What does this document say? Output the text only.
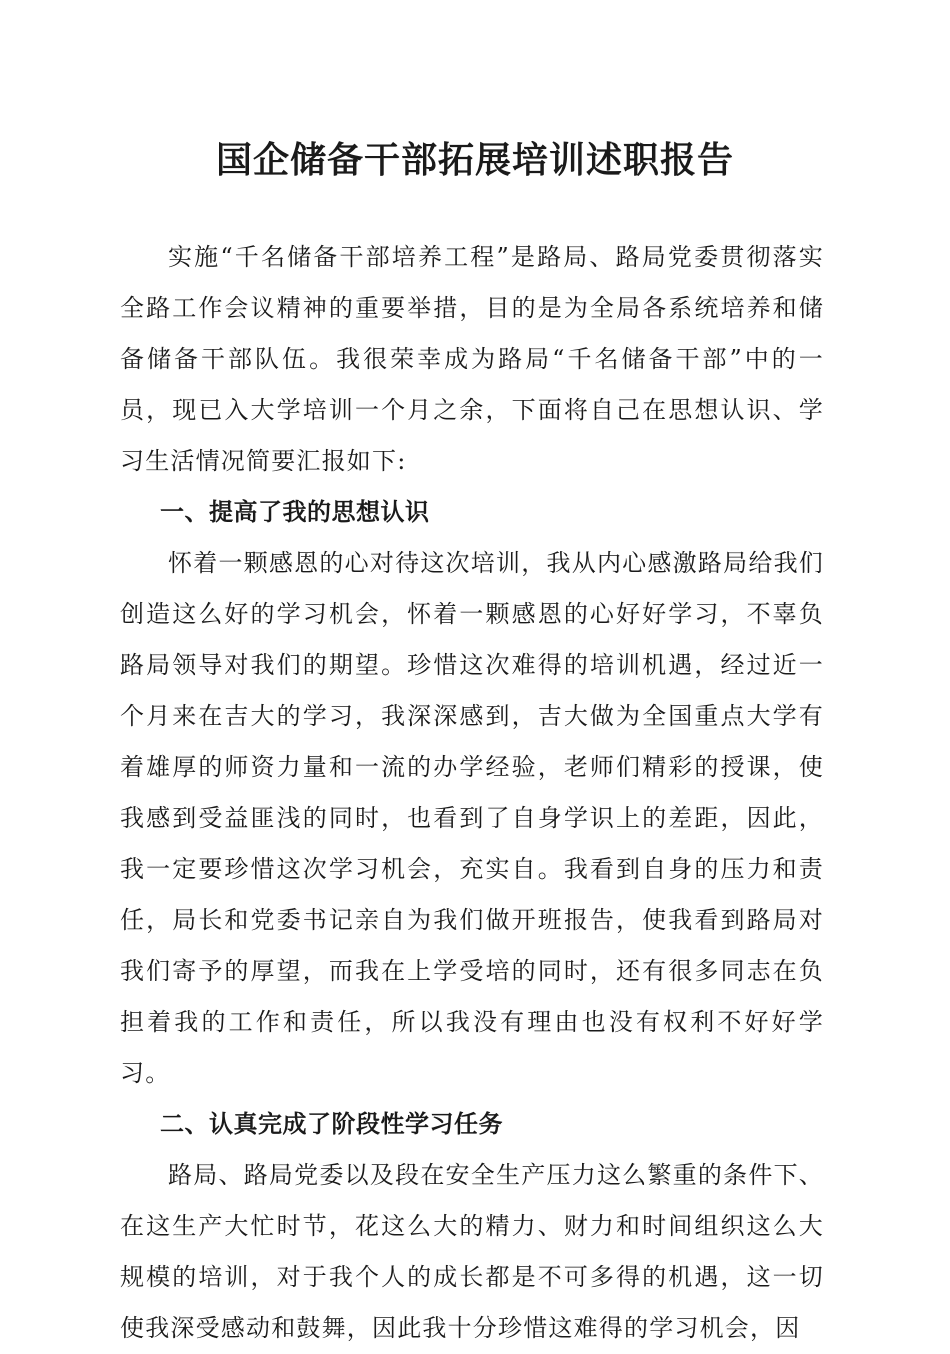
国企储备干部拓展培训述职报告

实施“千名储备干部培养工程”是路局、路局党委贯彻落实全路工作会议精神的重要举措，目的是为全局各系统培养和储备储备干部队伍。我很荣幸成为路局“千名储备干部”中的一员，现已入大学培训一个月之余，下面将自己在思想认识、学习生活情况简要汇报如下:

一、提高了我的思想认识

怀着一颗感恩的心对待这次培训，我从内心感激路局给我们创造这么好的学习机会，怀着一颗感恩的心好好学习，不辜负路局领导对我们的期望。珍惜这次难得的培训机遇，经过近一个月来在吉大的学习，我深深感到，吉大做为全国重点大学有着雄厚的师资力量和一流的办学经验，老师们精彩的授课，使我感到受益匪浅的同时，也看到了自身学识上的差距，因此，我一定要珍惜这次学习机会，充实自。我看到自身的压力和责任，局长和党委书记亲自为我们做开班报告，使我看到路局对我们寄予的厚望，而我在上学受培的同时，还有很多同志在负担着我的工作和责任，所以我没有理由也没有权利不好好学习。

二、认真完成了阶段性学习任务

路局、路局党委以及段在安全生产压力这么繁重的条件下、在这生产大忙时节，花这么大的精力、财力和时间组织这么大规模的培训，对于我个人的成长都是不可多得的机遇，这一切使我深受感动和鼓舞，因此我十分珍惜这难得的学习机会，因
